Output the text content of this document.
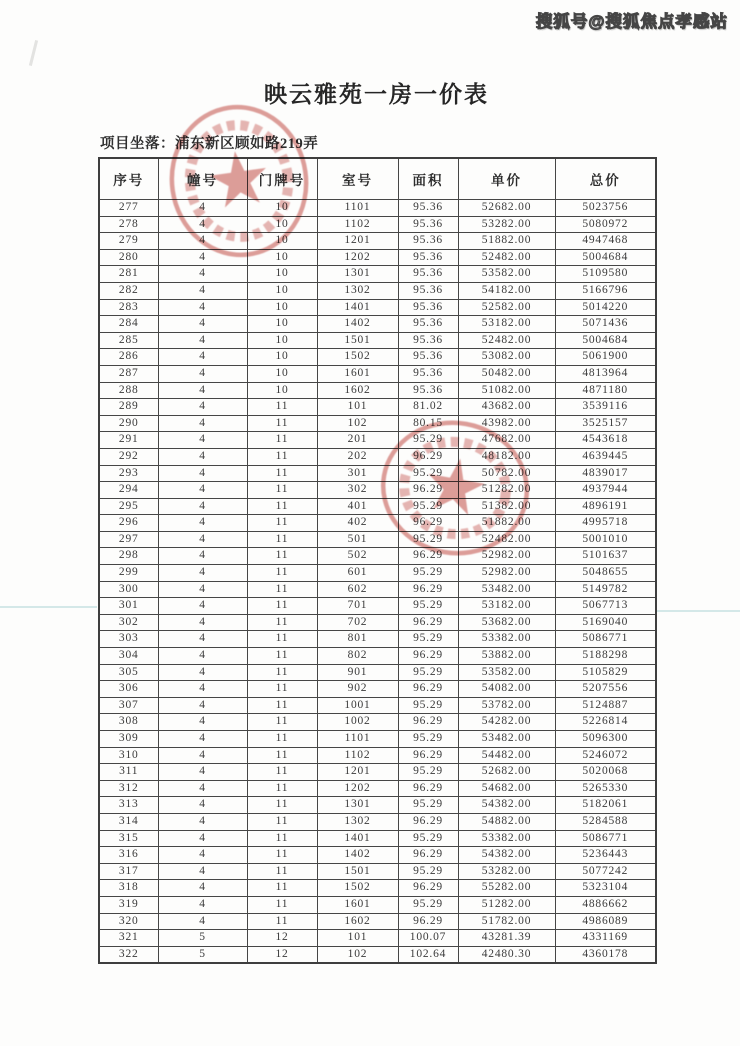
搜狐号@搜狐焦点孝感站
映云雅苑一房一价表
项目坐落：浦东新区顾如路219弄
序号	幢号	门牌号	室号	面积	单价	总价
277	4	10	1101	95.36	52682.00	5023756
278	4	10	1102	95.36	53282.00	5080972
279	4	10	1201	95.36	51882.00	4947468
280	4	10	1202	95.36	52482.00	5004684
281	4	10	1301	95.36	53582.00	5109580
282	4	10	1302	95.36	54182.00	5166796
283	4	10	1401	95.36	52582.00	5014220
284	4	10	1402	95.36	53182.00	5071436
285	4	10	1501	95.36	52482.00	5004684
286	4	10	1502	95.36	53082.00	5061900
287	4	10	1601	95.36	50482.00	4813964
288	4	10	1602	95.36	51082.00	4871180
289	4	11	101	81.02	43682.00	3539116
290	4	11	102	80.15	43982.00	3525157
291	4	11	201	95.29	47682.00	4543618
292	4	11	202	96.29	48182.00	4639445
293	4	11	301	95.29	50782.00	4839017
294	4	11	302	96.29	51282.00	4937944
295	4	11	401	95.29	51382.00	4896191
296	4	11	402	96.29	51882.00	4995718
297	4	11	501	95.29	52482.00	5001010
298	4	11	502	96.29	52982.00	5101637
299	4	11	601	95.29	52982.00	5048655
300	4	11	602	96.29	53482.00	5149782
301	4	11	701	95.29	53182.00	5067713
302	4	11	702	96.29	53682.00	5169040
303	4	11	801	95.29	53382.00	5086771
304	4	11	802	96.29	53882.00	5188298
305	4	11	901	95.29	53582.00	5105829
306	4	11	902	96.29	54082.00	5207556
307	4	11	1001	95.29	53782.00	5124887
308	4	11	1002	96.29	54282.00	5226814
309	4	11	1101	95.29	53482.00	5096300
310	4	11	1102	96.29	54482.00	5246072
311	4	11	1201	95.29	52682.00	5020068
312	4	11	1202	96.29	54682.00	5265330
313	4	11	1301	95.29	54382.00	5182061
314	4	11	1302	96.29	54882.00	5284588
315	4	11	1401	95.29	53382.00	5086771
316	4	11	1402	96.29	54382.00	5236443
317	4	11	1501	95.29	53282.00	5077242
318	4	11	1502	96.29	55282.00	5323104
319	4	11	1601	95.29	51282.00	4886662
320	4	11	1602	96.29	51782.00	4986089
321	5	12	101	100.07	43281.39	4331169
322	5	12	102	102.64	42480.30	4360178
